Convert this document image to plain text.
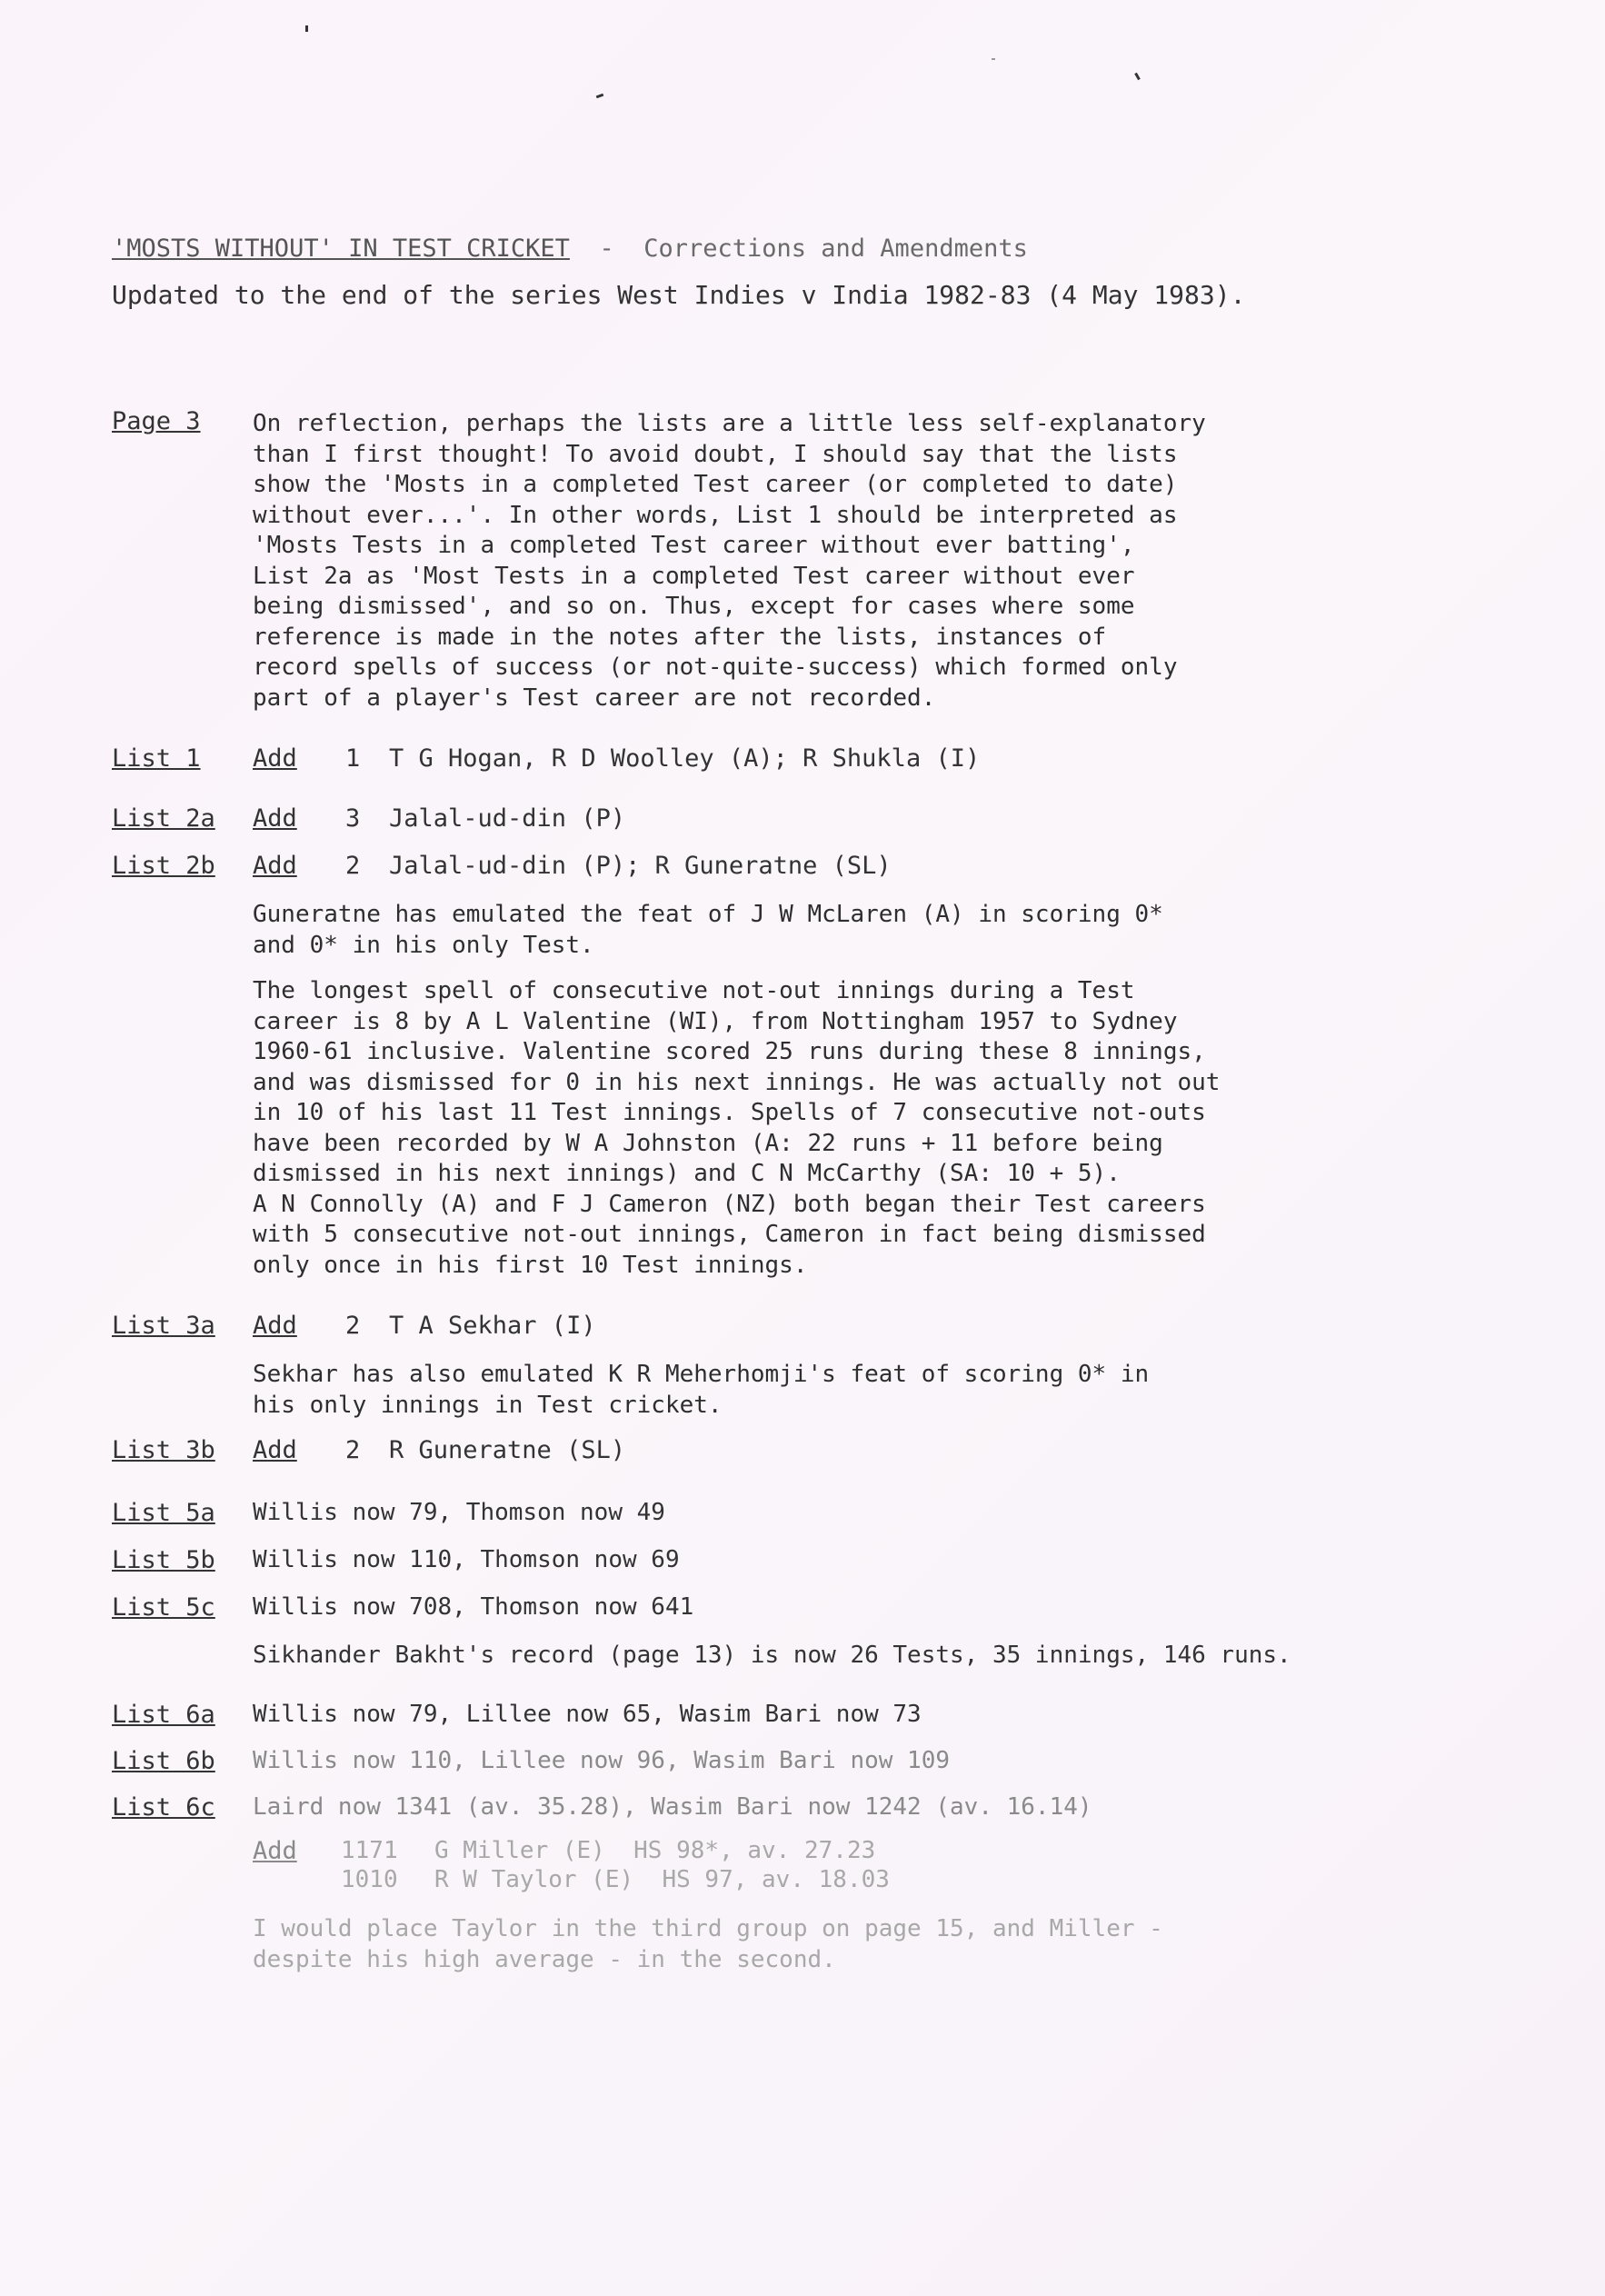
'MOSTS WITHOUT' IN TEST CRICKET - Corrections and Amendments
Updated to the end of the series West Indies v India 1982-83 (4 May 1983).
Page 3 On reflection, perhaps the lists are a little less self-explanatory
than I first thought! To avoid doubt, I should say that the lists
show the 'Mosts in a completed Test career (or completed to date)
without ever...'. In other words, List 1 should be interpreted as
'Mosts Tests in a completed Test career without ever batting',
List 2a as 'Most Tests in a completed Test career without ever
being dismissed', and so on. Thus, except for cases where some
reference is made in the notes after the lists, instances of
record spells of success (or not-quite-success) which formed only
part of a player's Test career are not recorded.
List 1 Add 1 T G Hogan, R D Woolley (A); R Shukla (I)
List 2a Add 3 Jalal-ud-din (P)
List 2b Add 2 Jalal-ud-din (P); R Guneratne (SL)
Guneratne has emulated the feat of J W McLaren (A) in scoring 0*
and 0* in his only Test.
The longest spell of consecutive not-out innings during a Test
career is 8 by A L Valentine (WI), from Nottingham 1957 to Sydney
1960-61 inclusive. Valentine scored 25 runs during these 8 innings,
and was dismissed for 0 in his next innings. He was actually not out
in 10 of his last 11 Test innings. Spells of 7 consecutive not-outs
have been recorded by W A Johnston (A: 22 runs + 11 before being
dismissed in his next innings) and C N McCarthy (SA: 10 + 5).
A N Connolly (A) and F J Cameron (NZ) both began their Test careers
with 5 consecutive not-out innings, Cameron in fact being dismissed
only once in his first 10 Test innings.
List 3a Add 2 T A Sekhar (I)
Sekhar has also emulated K R Meherhomji's feat of scoring 0* in
his only innings in Test cricket.
List 3b Add 2 R Guneratne (SL)
List 5a Willis now 79, Thomson now 49
List 5b Willis now 110, Thomson now 69
List 5c Willis now 708, Thomson now 641
Sikhander Bakht's record (page 13) is now 26 Tests, 35 innings, 146 runs.
List 6a Willis now 79, Lillee now 65, Wasim Bari now 73
List 6b Willis now 110, Lillee now 96, Wasim Bari now 109
List 6c Laird now 1341 (av. 35.28), Wasim Bari now 1242 (av. 16.14)
Add 1171 G Miller (E)  HS 98*, av. 27.23
1010 R W Taylor (E)  HS 97, av. 18.03
I would place Taylor in the third group on page 15, and Miller -
despite his high average - in the second.
